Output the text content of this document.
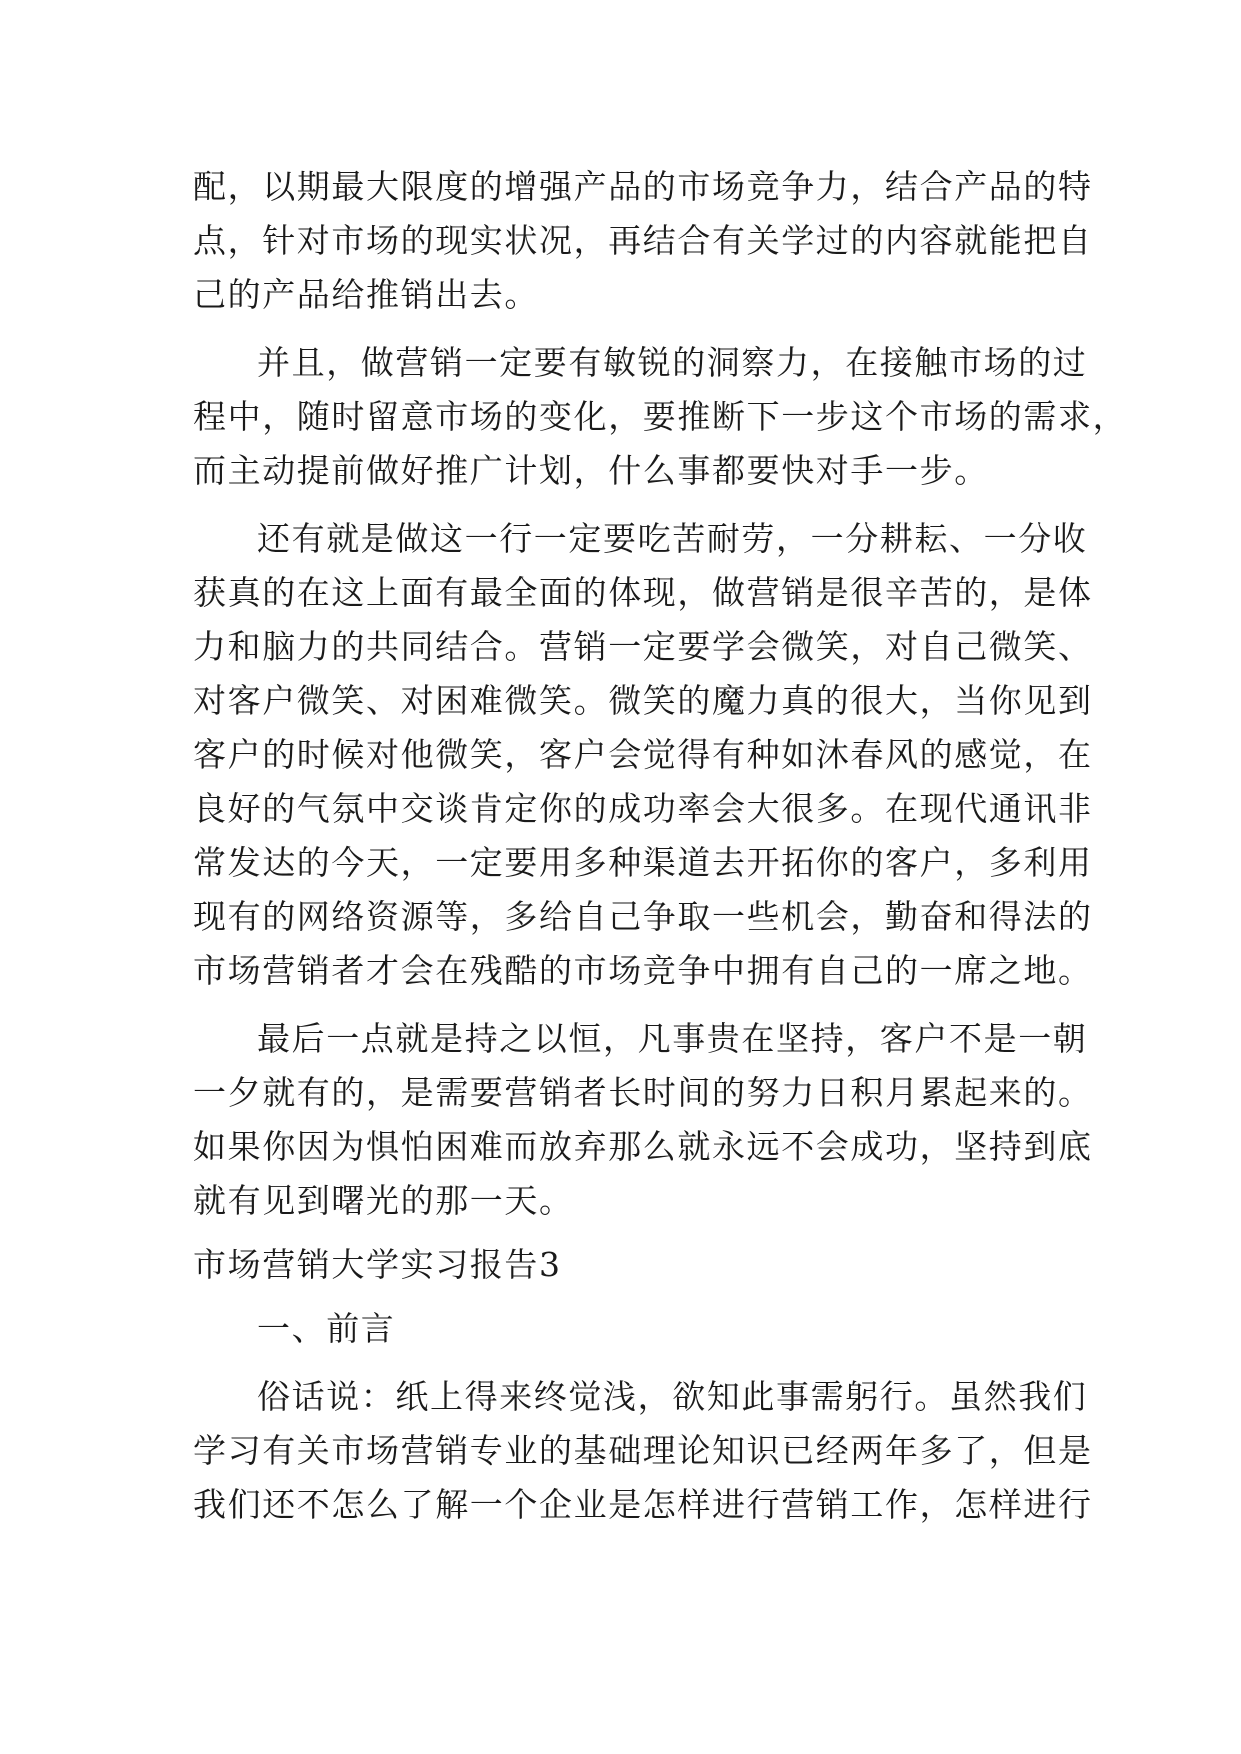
配，以期最大限度的增强产品的市场竞争力，结合产品的特
点，针对市场的现实状况，再结合有关学过的内容就能把自
己的产品给推销出去。
并且，做营销一定要有敏锐的洞察力，在接触市场的过
程中，随时留意市场的变化，要推断下一步这个市场的需求，
而主动提前做好推广计划，什么事都要快对手一步。
还有就是做这一行一定要吃苦耐劳，一分耕耘、一分收
获真的在这上面有最全面的体现，做营销是很辛苦的，是体
力和脑力的共同结合。营销一定要学会微笑，对自己微笑、
对客户微笑、对困难微笑。微笑的魔力真的很大，当你见到
客户的时候对他微笑，客户会觉得有种如沐春风的感觉，在
良好的气氛中交谈肯定你的成功率会大很多。在现代通讯非
常发达的今天，一定要用多种渠道去开拓你的客户，多利用
现有的网络资源等，多给自己争取一些机会，勤奋和得法的
市场营销者才会在残酷的市场竞争中拥有自己的一席之地。
最后一点就是持之以恒，凡事贵在坚持，客户不是一朝
一夕就有的，是需要营销者长时间的努力日积月累起来的。
如果你因为惧怕困难而放弃那么就永远不会成功，坚持到底
就有见到曙光的那一天。
市场营销大学实习报告3
一、前言
俗话说：纸上得来终觉浅，欲知此事需躬行。虽然我们
学习有关市场营销专业的基础理论知识已经两年多了，但是
我们还不怎么了解一个企业是怎样进行营销工作，怎样进行
